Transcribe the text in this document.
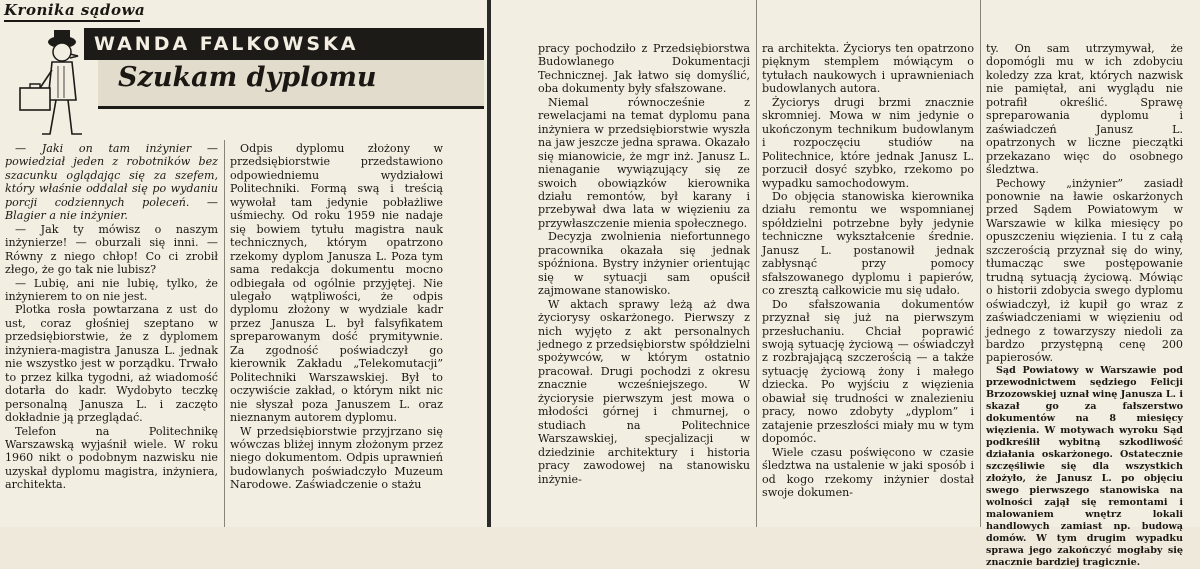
Kronika sądowa
WANDA FALKOWSKA
Szukam dyplomu

— Jaki on tam inżynier — powiedział jeden z robotników bez szacunku oglądając się za szefem, który właśnie oddalał się po wydaniu porcji codziennych poleceń. — Blagier a nie inżynier.

— Jak ty mówisz o naszym inżynierze! — oburzali się inni. — Równy z niego chłop! Co ci zrobił złego, że go tak nie lubisz?

— Lubię, ani nie lubię, tylko, że inżynierem to on nie jest.

Plotka rosła powtarzana z ust do ust, coraz głośniej szeptano w przedsiębiorstwie, że z dyplomem inżyniera-magistra Janusza L. jednak nie wszystko jest w porządku. Trwało to przez kilka tygodni, aż wiadomość dotarła do kadr. Wydobyto teczkę personalną Janusza L. i zaczęto dokładnie ją przeglądać.

Telefon na Politechnikę Warszawską wyjaśnił wiele. W roku 1960 nikt o podobnym nazwisku nie uzyskał dyplomu magistra, inżyniera, architekta.

Odpis dyplomu złożony w przedsiębiorstwie przedstawiono odpowiedniemu wydziałowi Politechniki. Formą swą i treścią wywołał tam jedynie pobłażliwe uśmiechy. Od roku 1959 nie nadaje się bowiem tytułu magistra nauk technicznych, którym opatrzono rzekomy dyplom Janusza L. Poza tym sama redakcja dokumentu mocno odbiegała od ogólnie przyjętej. Nie ulegało wątpliwości, że odpis dyplomu złożony w wydziale kadr przez Janusza L. był falsyfikatem spreparowanym dość prymitywnie. Za zgodność poświadczył go kierownik Zakładu „Telekomutacji” Politechniki Warszawskiej. Był to oczywiście zakład, o którym nikt nic nie słyszał poza Januszem L. oraz nieznanym autorem dyplomu.

W przedsiębiorstwie przyjrzano się wówczas bliżej innym złożonym przez niego dokumentom. Odpis uprawnień budowlanych poświadczyło Muzeum Narodowe. Zaświadczenie o stażu

pracy pochodziło z Przedsiębiorstwa Budowlanego Dokumentacji Technicznej. Jak łatwo się domyślić, oba dokumenty były sfałszowane.

Niemal równocześnie z rewelacjami na temat dyplomu pana inżyniera w przedsiębiorstwie wyszła na jaw jeszcze jedna sprawa. Okazało się mianowicie, że mgr inż. Janusz L. nienaganie wywiązujący się ze swoich obowiązków kierownika działu remontów, był karany i przebywał dwa lata w więzieniu za przywłaszczenie mienia społecznego.

Decyzja zwolnienia niefortunnego pracownika okazała się jednak spóźniona. Bystry inżynier orientując się w sytuacji sam opuścił zajmowane stanowisko.

W aktach sprawy leżą aż dwa życiorysy oskarżonego. Pierwszy z nich wyjęto z akt personalnych jednego z przedsiębiorstw spółdzielni spożywców, w którym ostatnio pracował. Drugi pochodzi z okresu znacznie wcześniejszego. W życiorysie pierwszym jest mowa o młodości górnej i chmurnej, o studiach na Politechnice Warszawskiej, specjalizacji w dziedzinie architektury i historia pracy zawodowej na stanowisku inżynie-

ra architekta. Życiorys ten opatrzono pięknym stemplem mówiącym o tytułach naukowych i uprawnieniach budowlanych autora.

Życiorys drugi brzmi znacznie skromniej. Mowa w nim jedynie o ukończonym technikum budowlanym i rozpoczęciu studiów na Politechnice, które jednak Janusz L. porzucił dosyć szybko, rzekomo po wypadku samochodowym.

Do objęcia stanowiska kierownika działu remontu we wspomnianej spółdzielni potrzebne były jedynie techniczne wykształcenie średnie. Janusz L. postanowił jednak zabłysnąć przy pomocy sfałszowanego dyplomu i papierów, co zresztą całkowicie mu się udało.

Do sfałszowania dokumentów przyznał się już na pierwszym przesłuchaniu. Chciał poprawić swoją sytuację życiową — oświadczył z rozbrajającą szczerością — a także sytuację życiową żony i małego dziecka. Po wyjściu z więzienia obawiał się trudności w znalezieniu pracy, nowo zdobyty „dyplom” i zatajenie przeszłości miały mu w tym dopomóc.

Wiele czasu poświęcono w czasie śledztwa na ustalenie w jaki sposób i od kogo rzekomy inżynier dostał swoje dokumen-

ty. On sam utrzymywał, że dopomógli mu w ich zdobyciu koledzy zza krat, których nazwisk nie pamiętał, ani wyglądu nie potrafił określić. Sprawę spreparowania dyplomu i zaświadczeń Janusz L. opatrzonych w liczne pieczątki przekazano więc do osobnego śledztwa.

Pechowy „inżynier” zasiadł ponownie na ławie oskarżonych przed Sądem Powiatowym w Warszawie w kilka miesięcy po opuszczeniu więzienia. I tu z całą szczerością przyznał się do winy, tłumacząc swe postępowanie trudną sytuacją życiową. Mówiąc o historii zdobycia swego dyplomu oświadczył, iż kupił go wraz z zaświadczeniami w więzieniu od jednego z towarzyszy niedoli za bardzo przystępną cenę 200 papierosów.

Sąd Powiatowy w Warszawie pod przewodnictwem sędziego Felicji Brzozowskiej uznał winę Janusza L. i skazał go za fałszerstwo dokumentów na 8 miesięcy więzienia. W motywach wyroku Sąd podkreślił wybitną szkodliwość działania oskarżonego. Ostatecznie szczęśliwie się dla wszystkich złożyło, że Janusz L. po objęciu swego pierwszego stanowiska na wolności zajął się remontami i malowaniem wnętrz lokali handlowych zamiast np. budową domów. W tym drugim wypadku sprawa jego zakończyć mogłaby się znacznie bardziej tragicznie.
